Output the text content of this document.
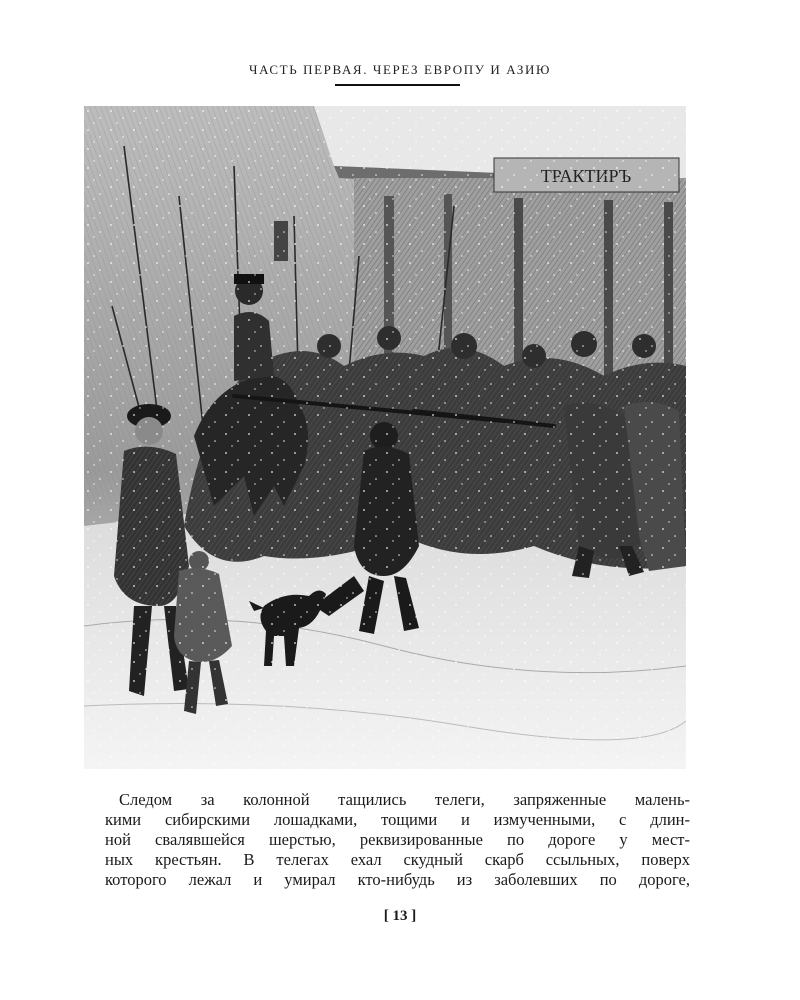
ЧАСТЬ ПЕРВАЯ. ЧЕРЕЗ ЕВРОПУ И АЗИЮ
Следом за колонной тащились телеги, запряженные малень-
кими сибирскими лошадками, тощими и измученными, с длин-
ной свалявшейся шерстью, реквизированные по дороге у мест-
ных крестьян. В телегах ехал скудный скарб ссыльных, поверх
которого лежал и умирал кто-нибудь из заболевших по дороге,
[ 13 ]
